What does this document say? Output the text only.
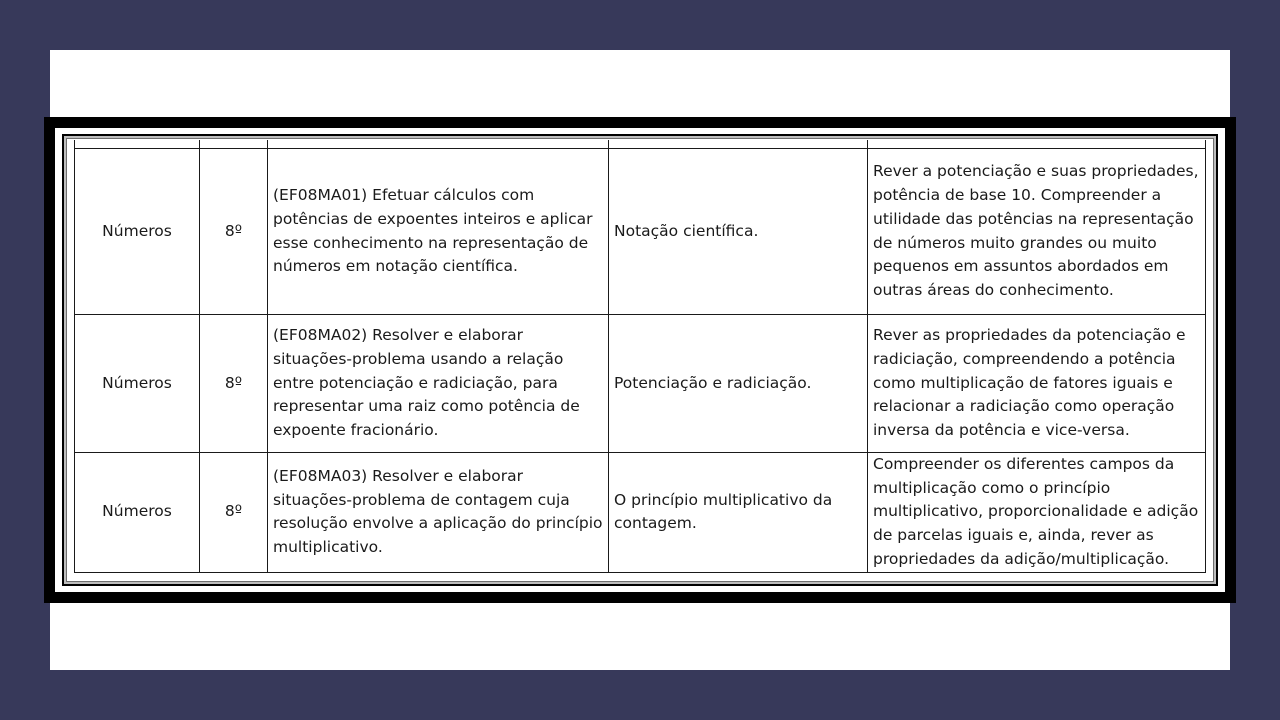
Números	8º	(EF08MA01) Efetuar cálculos com potências de expoentes inteiros e aplicar esse conhecimento na representação de números em notação científica.	Notação científica.	Rever a potenciação e suas propriedades, potência de base 10. Compreender a utilidade das potências na representação de números muito grandes ou muito pequenos em assuntos abordados em outras áreas do conhecimento.
Números	8º	(EF08MA02) Resolver e elaborar situações-problema usando a relação entre potenciação e radiciação, para representar uma raiz como potência de expoente fracionário.	Potenciação e radiciação.	Rever as propriedades da potenciação e radiciação, compreendendo a potência como multiplicação de fatores iguais e relacionar a radiciação como operação inversa da potência e vice-versa.
Números	8º	(EF08MA03) Resolver e elaborar situações-problema de contagem cuja resolução envolve a aplicação do princípio multiplicativo.	O princípio multiplicativo da contagem.	Compreender os diferentes campos da multiplicação como o princípio multiplicativo, proporcionalidade e adição de parcelas iguais e, ainda, rever as propriedades da adição/multiplicação.
